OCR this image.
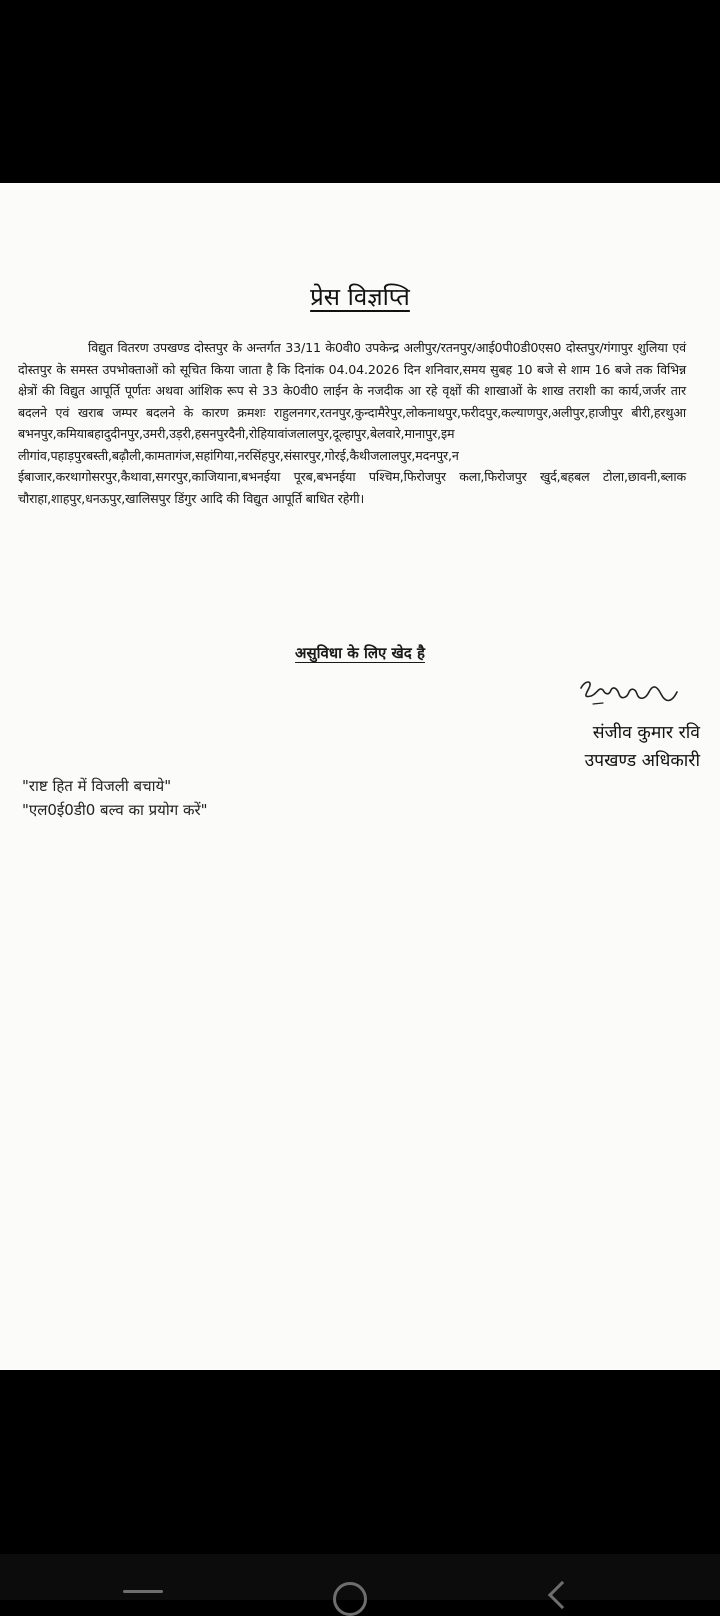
प्रेस विज्ञप्ति
विद्युत वितरण उपखण्ड दोस्तपुर के अन्तर्गत 33/11 के0वी0 उपकेन्द्र अलीपुर/रतनपुर/आई0पी0डी0एस0 दोस्तपुर/गंगापुर शुलिया एवं दोस्तपुर के समस्त उपभोक्ताओं को सूचित किया जाता है कि दिनांक 04.04.2026 दिन शनिवार,समय सुबह 10 बजे से शाम 16 बजे तक विभिन्न क्षेत्रों की विद्युत आपूर्ति पूर्णतः अथवा आंशिक रूप से 33 के0वी0 लाईन के नजदीक आ रहे वृक्षों की शाखाओं के शाख तराशी का कार्य,जर्जर तार बदलने एवं खराब जम्पर बदलने के कारण क्रमशः राहुलनगर,रतनपुर,कुन्दामैरेपुर,लोकनाथपुर,फरीदपुर,कल्याणपुर,अलीपुर,हाजीपुर बीरी,हरथुआ बभनपुर,कमियाबहादुदीनपुर,उमरी,उड़री,हसनपुरदैनी,रोहियावांजलालपुर,दूल्हापुर,बेलवारे,मानापुर,इम लीगांव,पहाड़पुरबस्ती,बढ़ौली,कामतागंज,सहांगिया,नरसिंहपुर,संसारपुर,गोरई,कैथीजलालपुर,मदनपुर,न ईबाजार,करथागोसरपुर,कैथावा,सगरपुर,काजियाना,बभनईया पूरब,बभनईया पश्चिम,फिरोजपुर कला,फिरोजपुर खुर्द,बहबल टोला,छावनी,ब्लाक चौराहा,शाहपुर,धनऊपुर,खालिसपुर डिंगुर आदि की विद्युत आपूर्ति बाधित रहेगी।
असुविधा के लिए खेद है
संजीव कुमार रवि
उपखण्ड अधिकारी
"राष्ट हित में विजली बचाये"
"एल0ई0डी0 बल्व का प्रयोग करें"
